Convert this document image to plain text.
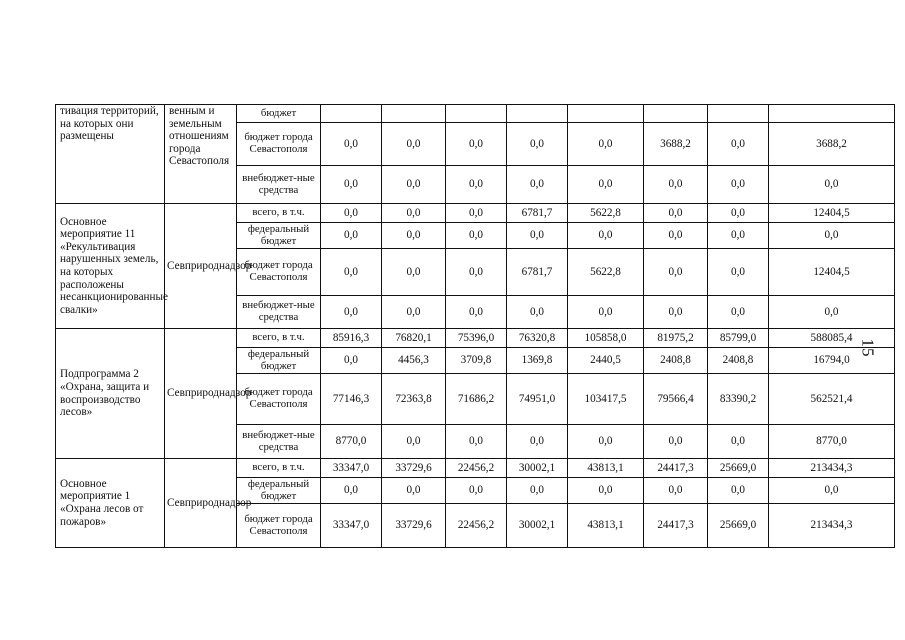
тивация территорий, на которых они размещены	венным и земельным отношениям города Севастополя	бюджет								
		бюджет города Севастополя	0,0	0,0	0,0	0,0	0,0	3688,2	0,0	3688,2
		внебюджет-ные средства	0,0	0,0	0,0	0,0	0,0	0,0	0,0	0,0
Основное мероприятие 11 «Рекультивация нарушенных земель, на которых расположены несанкционированные свалки»	Севприроднадзор	всего, в т.ч.	0,0	0,0	0,0	6781,7	5622,8	0,0	0,0	12404,5
		федеральный бюджет	0,0	0,0	0,0	0,0	0,0	0,0	0,0	0,0
		бюджет города Севастополя	0,0	0,0	0,0	6781,7	5622,8	0,0	0,0	12404,5
		внебюджет-ные средства	0,0	0,0	0,0	0,0	0,0	0,0	0,0	0,0
Подпрограмма 2 «Охрана, защита и воспроизводство лесов»	Севприроднадзор	всего, в т.ч.	85916,3	76820,1	75396,0	76320,8	105858,0	81975,2	85799,0	588085,4
		федеральный бюджет	0,0	4456,3	3709,8	1369,8	2440,5	2408,8	2408,8	16794,0
		бюджет города Севастополя	77146,3	72363,8	71686,2	74951,0	103417,5	79566,4	83390,2	562521,4
		внебюджет-ные средства	8770,0	0,0	0,0	0,0	0,0	0,0	0,0	8770,0
Основное мероприятие 1 «Охрана лесов от пожаров»	Севприроднадзор	всего, в т.ч.	33347,0	33729,6	22456,2	30002,1	43813,1	24417,3	25669,0	213434,3
		федеральный бюджет	0,0	0,0	0,0	0,0	0,0	0,0	0,0	0,0
		бюджет города Севастополя	33347,0	33729,6	22456,2	30002,1	43813,1	24417,3	25669,0	213434,3
15
